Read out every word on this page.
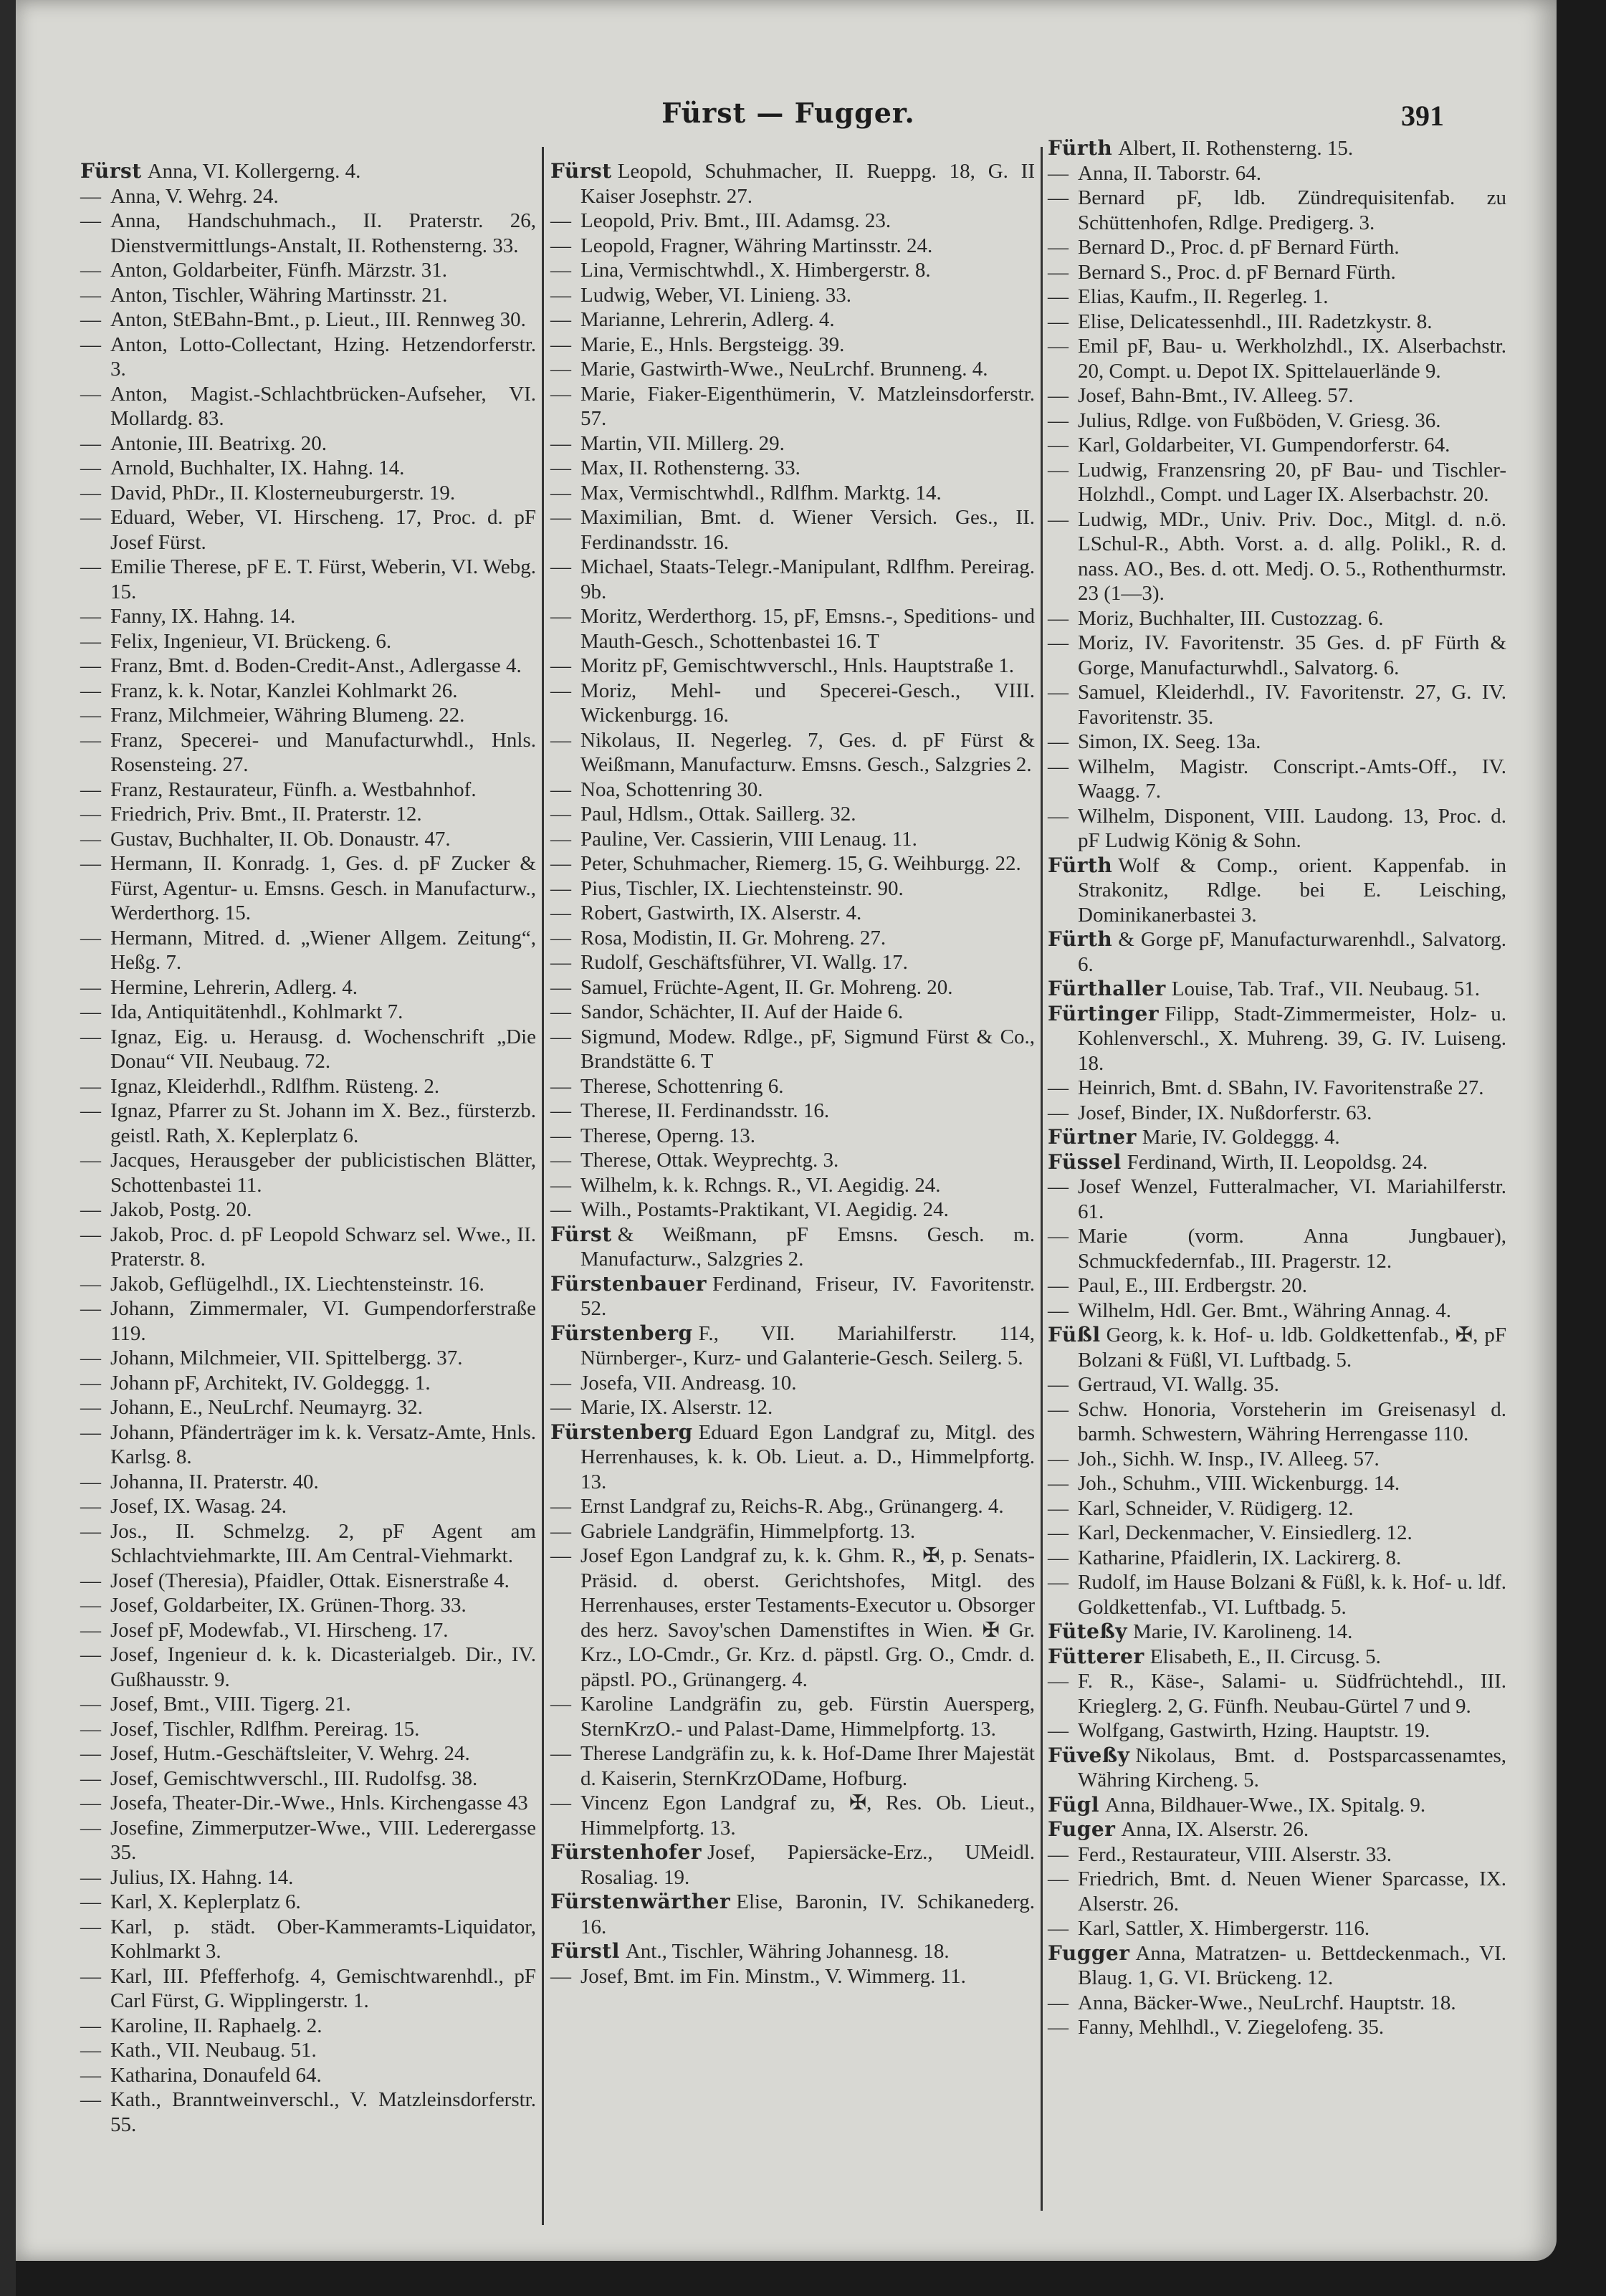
Fürst — Fugger.	391
Fürst Anna, VI. Kollergerng. 4.
— Anna, V. Wehrg. 24.
— Anna, Handschuhmach., II. Praterstr. 26, Dienstvermittlungs-Anstalt, II. Rothensterng. 33.
— Anton, Goldarbeiter, Fünfh. Märzstr. 31.
— Anton, Tischler, Währing Martinsstr. 21.
— Anton, StEBahn-Bmt., p. Lieut., III. Rennweg 30.
— Anton, Lotto-Collectant, Hzing. Hetzendorferstr. 3.
— Anton, Magist.-Schlachtbrücken-Aufseher, VI. Mollardg. 83.
— Antonie, III. Beatrixg. 20.
— Arnold, Buchhalter, IX. Hahng. 14.
— David, PhDr., II. Klosterneuburgerstr. 19.
— Eduard, Weber, VI. Hirscheng. 17, Proc. d. pF Josef Fürst.
— Emilie Therese, pF E. T. Fürst, Weberin, VI. Webg. 15.
— Fanny, IX. Hahng. 14.
— Felix, Ingenieur, VI. Brückeng. 6.
— Franz, Bmt. d. Boden-Credit-Anst., Adlergasse 4.
— Franz, k. k. Notar, Kanzlei Kohlmarkt 26.
— Franz, Milchmeier, Währing Blumeng. 22.
— Franz, Specerei- und Manufacturwhdl., Hnls. Rosensteing. 27.
— Franz, Restaurateur, Fünfh. a. Westbahnhof.
— Friedrich, Priv. Bmt., II. Praterstr. 12.
— Gustav, Buchhalter, II. Ob. Donaustr. 47.
— Hermann, II. Konradg. 1, Ges. d. pF Zucker & Fürst, Agentur- u. Emsns. Gesch. in Manufacturw., Werderthorg. 15.
— Hermann, Mitred. d. „Wiener Allgem. Zeitung“, Heßg. 7.
— Hermine, Lehrerin, Adlerg. 4.
— Ida, Antiquitätenhdl., Kohlmarkt 7.
— Ignaz, Eig. u. Herausg. d. Wochenschrift „Die Donau“ VII. Neubaug. 72.
— Ignaz, Kleiderhdl., Rdlfhm. Rüsteng. 2.
— Ignaz, Pfarrer zu St. Johann im X. Bez., fürsterzb. geistl. Rath, X. Keplerplatz 6.
— Jacques, Herausgeber der publicistischen Blätter, Schottenbastei 11.
— Jakob, Postg. 20.
— Jakob, Proc. d. pF Leopold Schwarz sel. Wwe., II. Praterstr. 8.
— Jakob, Geflügelhdl., IX. Liechtensteinstr. 16.
— Johann, Zimmermaler, VI. Gumpendorferstraße 119.
— Johann, Milchmeier, VII. Spittelbergg. 37.
— Johann pF, Architekt, IV. Goldeggg. 1.
— Johann, E., NeuLrchf. Neumayrg. 32.
— Johann, Pfänderträger im k. k. Versatz-Amte, Hnls. Karlsg. 8.
— Johanna, II. Praterstr. 40.
— Josef, IX. Wasag. 24.
— Jos., II. Schmelzg. 2, pF Agent am Schlachtviehmarkte, III. Am Central-Viehmarkt.
— Josef (Theresia), Pfaidler, Ottak. Eisnerstraße 4.
— Josef, Goldarbeiter, IX. Grünen-Thorg. 33.
— Josef pF, Modewfab., VI. Hirscheng. 17.
— Josef, Ingenieur d. k. k. Dicasterialgeb. Dir., IV. Gußhausstr. 9.
— Josef, Bmt., VIII. Tigerg. 21.
— Josef, Tischler, Rdlfhm. Pereirag. 15.
— Josef, Hutm.-Geschäftsleiter, V. Wehrg. 24.
— Josef, Gemischtwverschl., III. Rudolfsg. 38.
— Josefa, Theater-Dir.-Wwe., Hnls. Kirchengasse 43
— Josefine, Zimmerputzer-Wwe., VIII. Lederergasse 35.
— Julius, IX. Hahng. 14.
— Karl, X. Keplerplatz 6.
— Karl, p. städt. Ober-Kammeramts-Liquidator, Kohlmarkt 3.
— Karl, III. Pfefferhofg. 4, Gemischtwarenhdl., pF Carl Fürst, G. Wipplingerstr. 1.
— Karoline, II. Raphaelg. 2.
— Kath., VII. Neubaug. 51.
— Katharina, Donaufeld 64.
— Kath., Branntweinverschl., V. Matzleinsdorferstr. 55.
Fürst Leopold, Schuhmacher, II. Rueppg. 18, G. II Kaiser Josephstr. 27.
— Leopold, Priv. Bmt., III. Adamsg. 23.
— Leopold, Fragner, Währing Martinsstr. 24.
— Lina, Vermischtwhdl., X. Himbergerstr. 8.
— Ludwig, Weber, VI. Linieng. 33.
— Marianne, Lehrerin, Adlerg. 4.
— Marie, E., Hnls. Bergsteigg. 39.
— Marie, Gastwirth-Wwe., NeuLrchf. Brunneng. 4.
— Marie, Fiaker-Eigenthümerin, V. Matzleinsdorferstr. 57.
— Martin, VII. Millerg. 29.
— Max, II. Rothensterng. 33.
— Max, Vermischtwhdl., Rdlfhm. Marktg. 14.
— Maximilian, Bmt. d. Wiener Versich. Ges., II. Ferdinandsstr. 16.
— Michael, Staats-Telegr.-Manipulant, Rdlfhm. Pereirag. 9b.
— Moritz, Werderthorg. 15, pF, Emsns.-, Speditions- und Mauth-Gesch., Schottenbastei 16. T
— Moritz pF, Gemischtwverschl., Hnls. Hauptstraße 1.
— Moriz, Mehl- und Specerei-Gesch., VIII. Wickenburgg. 16.
— Nikolaus, II. Negerleg. 7, Ges. d. pF Fürst & Weißmann, Manufacturw. Emsns. Gesch., Salzgries 2.
— Noa, Schottenring 30.
— Paul, Hdlsm., Ottak. Saillerg. 32.
— Pauline, Ver. Cassierin, VIII Lenaug. 11.
— Peter, Schuhmacher, Riemerg. 15, G. Weihburgg. 22.
— Pius, Tischler, IX. Liechtensteinstr. 90.
— Robert, Gastwirth, IX. Alserstr. 4.
— Rosa, Modistin, II. Gr. Mohreng. 27.
— Rudolf, Geschäftsführer, VI. Wallg. 17.
— Samuel, Früchte-Agent, II. Gr. Mohreng. 20.
— Sandor, Schächter, II. Auf der Haide 6.
— Sigmund, Modew. Rdlge., pF, Sigmund Fürst & Co., Brandstätte 6. T
— Therese, Schottenring 6.
— Therese, II. Ferdinandsstr. 16.
— Therese, Operng. 13.
— Therese, Ottak. Weyprechtg. 3.
— Wilhelm, k. k. Rchngs. R., VI. Aegidig. 24.
— Wilh., Postamts-Praktikant, VI. Aegidig. 24.
Fürst & Weißmann, pF Emsns. Gesch. m. Manufacturw., Salzgries 2.
Fürstenbauer Ferdinand, Friseur, IV. Favoritenstr. 52.
Fürstenberg F., VII. Mariahilferstr. 114, Nürnberger-, Kurz- und Galanterie-Gesch. Seilerg. 5.
— Josefa, VII. Andreasg. 10.
— Marie, IX. Alserstr. 12.
Fürstenberg Eduard Egon Landgraf zu, Mitgl. des Herrenhauses, k. k. Ob. Lieut. a. D., Himmelpfortg. 13.
— Ernst Landgraf zu, Reichs-R. Abg., Grünangerg. 4.
— Gabriele Landgräfin, Himmelpfortg. 13.
— Josef Egon Landgraf zu, k. k. Ghm. R., ✠, p. Senats-Präsid. d. oberst. Gerichtshofes, Mitgl. des Herrenhauses, erster Testaments-Executor u. Obsorger des herz. Savoy'schen Damenstiftes in Wien. ✠ Gr. Krz., LO-Cmdr., Gr. Krz. d. päpstl. Grg. O., Cmdr. d. päpstl. PO., Grünangerg. 4.
— Karoline Landgräfin zu, geb. Fürstin Auersperg, SternKrzO.- und Palast-Dame, Himmelpfortg. 13.
— Therese Landgräfin zu, k. k. Hof-Dame Ihrer Majestät d. Kaiserin, SternKrzODame, Hofburg.
— Vincenz Egon Landgraf zu, ✠, Res. Ob. Lieut., Himmelpfortg. 13.
Fürstenhofer Josef, Papiersäcke-Erz., UMeidl. Rosaliag. 19.
Fürstenwärther Elise, Baronin, IV. Schikanederg. 16.
Fürstl Ant., Tischler, Währing Johannesg. 18.
— Josef, Bmt. im Fin. Minstm., V. Wimmerg. 11.
Fürth Albert, II. Rothensterng. 15.
— Anna, II. Taborstr. 64.
— Bernard pF, ldb. Zündrequisitenfab. zu Schüttenhofen, Rdlge. Predigerg. 3.
— Bernard D., Proc. d. pF Bernard Fürth.
— Bernard S., Proc. d. pF Bernard Fürth.
— Elias, Kaufm., II. Regerleg. 1.
— Elise, Delicatessenhdl., III. Radetzkystr. 8.
— Emil pF, Bau- u. Werkholzhdl., IX. Alserbachstr. 20, Compt. u. Depot IX. Spittelauerlände 9.
— Josef, Bahn-Bmt., IV. Alleeg. 57.
— Julius, Rdlge. von Fußböden, V. Griesg. 36.
— Karl, Goldarbeiter, VI. Gumpendorferstr. 64.
— Ludwig, Franzensring 20, pF Bau- und Tischler-Holzhdl., Compt. und Lager IX. Alserbachstr. 20.
— Ludwig, MDr., Univ. Priv. Doc., Mitgl. d. n.ö. LSchul-R., Abth. Vorst. a. d. allg. Polikl., R. d. nass. AO., Bes. d. ott. Medj. O. 5., Rothenthurmstr. 23 (1—3).
— Moriz, Buchhalter, III. Custozzag. 6.
— Moriz, IV. Favoritenstr. 35 Ges. d. pF Fürth & Gorge, Manufacturwhdl., Salvatorg. 6.
— Samuel, Kleiderhdl., IV. Favoritenstr. 27, G. IV. Favoritenstr. 35.
— Simon, IX. Seeg. 13a.
— Wilhelm, Magistr. Conscript.-Amts-Off., IV. Waagg. 7.
— Wilhelm, Disponent, VIII. Laudong. 13, Proc. d. pF Ludwig König & Sohn.
Fürth Wolf & Comp., orient. Kappenfab. in Strakonitz, Rdlge. bei E. Leisching, Dominikanerbastei 3.
Fürth & Gorge pF, Manufacturwarenhdl., Salvatorg. 6.
Fürthaller Louise, Tab. Traf., VII. Neubaug. 51.
Fürtinger Filipp, Stadt-Zimmermeister, Holz- u. Kohlenverschl., X. Muhreng. 39, G. IV. Luiseng. 18.
— Heinrich, Bmt. d. SBahn, IV. Favoritenstraße 27.
— Josef, Binder, IX. Nußdorferstr. 63.
Fürtner Marie, IV. Goldeggg. 4.
Füssel Ferdinand, Wirth, II. Leopoldsg. 24.
— Josef Wenzel, Futteralmacher, VI. Mariahilferstr. 61.
— Marie (vorm. Anna Jungbauer), Schmuckfedernfab., III. Pragerstr. 12.
— Paul, E., III. Erdbergstr. 20.
— Wilhelm, Hdl. Ger. Bmt., Währing Annag. 4.
Füßl Georg, k. k. Hof- u. ldb. Goldkettenfab., ✠, pF Bolzani & Füßl, VI. Luftbadg. 5.
— Gertraud, VI. Wallg. 35.
— Schw. Honoria, Vorsteherin im Greisenasyl d. barmh. Schwestern, Währing Herrengasse 110.
— Joh., Sichh. W. Insp., IV. Alleeg. 57.
— Joh., Schuhm., VIII. Wickenburgg. 14.
— Karl, Schneider, V. Rüdigerg. 12.
— Karl, Deckenmacher, V. Einsiedlerg. 12.
— Katharine, Pfaidlerin, IX. Lackirerg. 8.
— Rudolf, im Hause Bolzani & Füßl, k. k. Hof- u. ldf. Goldkettenfab., VI. Luftbadg. 5.
Füteßy Marie, IV. Karolineng. 14.
Fütterer Elisabeth, E., II. Circusg. 5.
— F. R., Käse-, Salami- u. Südfrüchtehdl., III. Krieglerg. 2, G. Fünfh. Neubau-Gürtel 7 und 9.
— Wolfgang, Gastwirth, Hzing. Hauptstr. 19.
Füveßy Nikolaus, Bmt. d. Postsparcassenamtes, Währing Kircheng. 5.
Fügl Anna, Bildhauer-Wwe., IX. Spitalg. 9.
Fuger Anna, IX. Alserstr. 26.
— Ferd., Restaurateur, VIII. Alserstr. 33.
— Friedrich, Bmt. d. Neuen Wiener Sparcasse, IX. Alserstr. 26.
— Karl, Sattler, X. Himbergerstr. 116.
Fugger Anna, Matratzen- u. Bettdeckenmach., VI. Blaug. 1, G. VI. Brückeng. 12.
— Anna, Bäcker-Wwe., NeuLrchf. Hauptstr. 18.
— Fanny, Mehlhdl., V. Ziegelofeng. 35.
